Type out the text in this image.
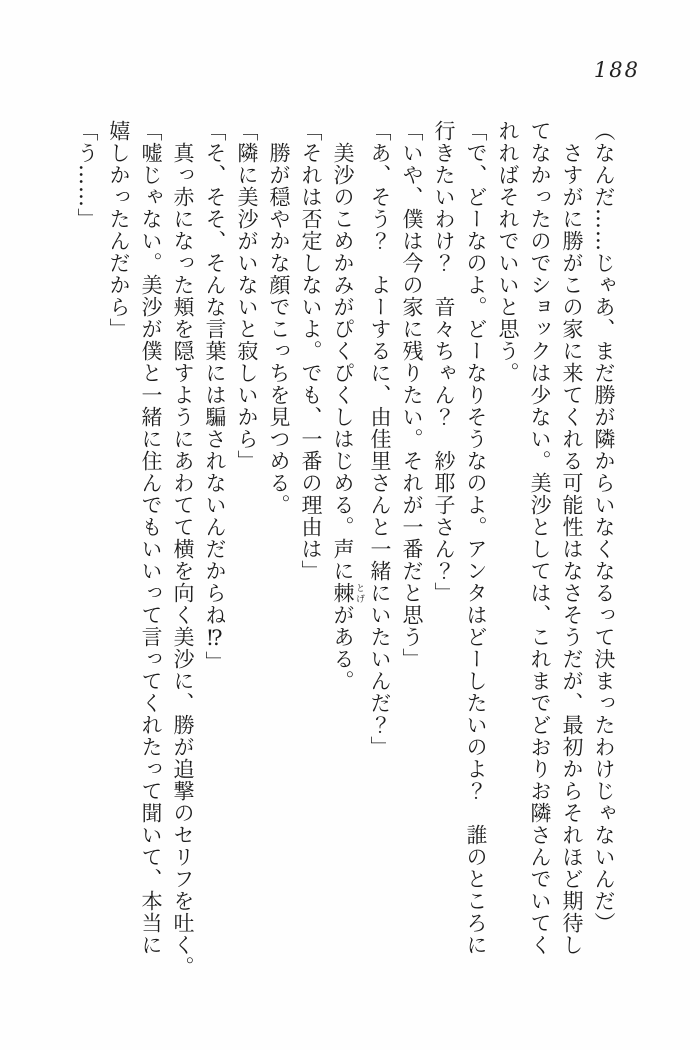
188

（なんだ……じゃあ、まだ勝が隣からいなくなるって決まったわけじゃないんだ）

さすがに勝がこの家に来てくれる可能性はなさそうだが、最初からそれほど期待し

てなかったのでショックは少ない。美沙としては、これまでどおりお隣さんでいてく

れればそれでいいと思う。

「で、どーなのよ。どーなりそうなのよ。アンタはどーしたいのよ？　誰のところに

行きたいわけ？　音々ちゃん？　紗耶子さん？」

「いや、僕は今の家に残りたい。それが一番だと思う」

「あ、そう？　よーするに、由佳里さんと一緒にいたいんだ？」

美沙のこめかみがぴくぴくしはじめる。声に棘 とげがある。

「それは否定しないよ。でも、一番の理由は」

勝が穏やかな顔でこっちを見つめる。

「隣に美沙がいないと寂しいから」

「そ、そそ、そんな言葉には騙されないんだからね⁉」

真っ赤になった頬を隠すようにあわてて横を向く美沙に、勝が追撃のセリフを吐く。

「嘘じゃない。美沙が僕と一緒に住んでもいいって言ってくれたって聞いて、本当に

嬉しかったんだから」

「う……」
